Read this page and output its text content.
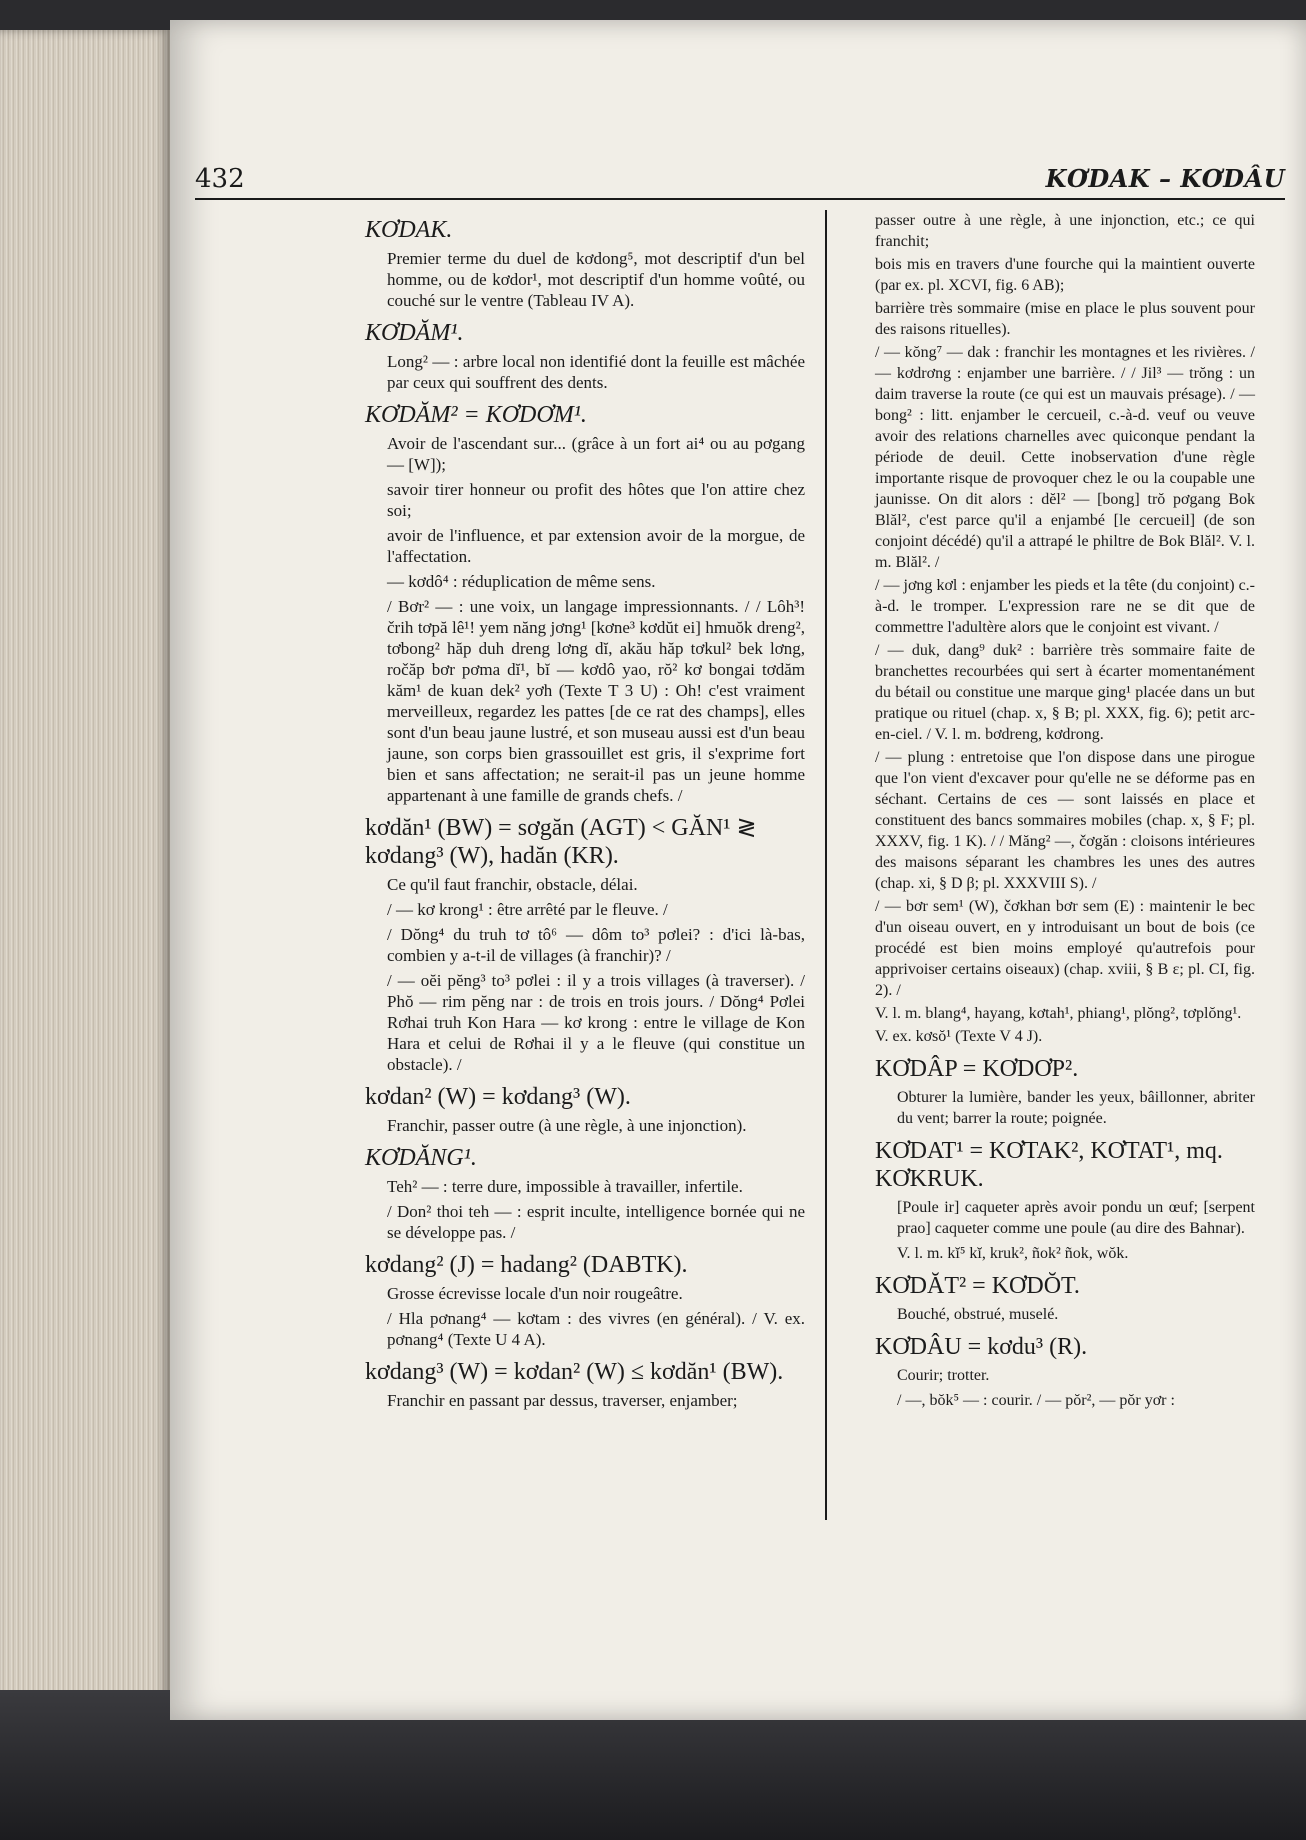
432	KƠDAK – KƠDÂU
KƠDAK.
Premier terme du duel de kơdong⁵, mot descriptif d'un bel homme, ou de kơdor¹, mot descriptif d'un homme voûté, ou couché sur le ventre (Tableau IV A).
KƠDĂM¹.
Long² — : arbre local non identifié dont la feuille est mâchée par ceux qui souffrent des dents.
KƠDĂM² = KƠDƠM¹.
Avoir de l'ascendant sur... (grâce à un fort ai⁴ ou au pơgang — [W]);
savoir tirer honneur ou profit des hôtes que l'on attire chez soi;
avoir de l'influence, et par extension avoir de la morgue, de l'affectation.
— kơdô⁴ : réduplication de même sens.
/ Bơr² — : une voix, un langage impressionnants. / / Lôh³! črih tơpă lê¹! yem năng jơng¹ [kơne³ kơdŭt ei] hmuŏk dreng², tơbong² hăp duh dreng lơng dĭ, akău hăp tơkul² bek lơng, ročăp bơr pơma dĭ¹, bĭ — kơdô yao, rŏ² kơ bongai tơdăm kăm¹ de kuan dek² yơh (Texte T 3 U) : Oh! c'est vraiment merveilleux, regardez les pattes [de ce rat des champs], elles sont d'un beau jaune lustré, et son museau aussi est d'un beau jaune, son corps bien grassouillet est gris, il s'exprime fort bien et sans affectation; ne serait-il pas un jeune homme appartenant à une famille de grands chefs. /
kơdăn¹ (BW) = sơgăn (AGT) < GĂN¹ ≷ kơdang³ (W), hadăn (KR).
Ce qu'il faut franchir, obstacle, délai.
/ — kơ krong¹ : être arrêté par le fleuve. /
/ Dŏng⁴ du truh tơ tô⁶ — dôm to³ pơlei? : d'ici là-bas, combien y a-t-il de villages (à franchir)? /
/ — oĕi pĕng³ to³ pơlei : il y a trois villages (à traverser). / Phŏ — rim pĕng nar : de trois en trois jours. / Dŏng⁴ Pơlei Rơhai truh Kon Hara — kơ krong : entre le village de Kon Hara et celui de Rơhai il y a le fleuve (qui constitue un obstacle). /
kơdan² (W) = kơdang³ (W).
Franchir, passer outre (à une règle, à une injonction).
KƠDĂNG¹.
Teh² — : terre dure, impossible à travailler, infertile.
/ Don² thoi teh — : esprit inculte, intelligence bornée qui ne se développe pas. /
kơdang² (J) = hadang² (DABTK).
Grosse écrevisse locale d'un noir rougeâtre.
/ Hla pơnang⁴ — kơtam : des vivres (en général). / V. ex. pơnang⁴ (Texte U 4 A).
kơdang³ (W) = kơdan² (W) ≤ kơdăn¹ (BW).
Franchir en passant par dessus, traverser, enjamber;
passer outre à une règle, à une injonction, etc.; ce qui franchit;
bois mis en travers d'une fourche qui la maintient ouverte (par ex. pl. XCVI, fig. 6 AB);
barrière très sommaire (mise en place le plus souvent pour des raisons rituelles).
/ — kŏng⁷ — dak : franchir les montagnes et les rivières. / — kơdrơng : enjamber une barrière. / / Jil³ — trŏng : un daim traverse la route (ce qui est un mauvais présage). / — bong² : litt. enjamber le cercueil, c.-à-d. veuf ou veuve avoir des relations charnelles avec quiconque pendant la période de deuil. Cette inobservation d'une règle importante risque de provoquer chez le ou la coupable une jaunisse. On dit alors : dĕl² — [bong] trŏ pơgang Bok Blăl², c'est parce qu'il a enjambé [le cercueil] (de son conjoint décédé) qu'il a attrapé le philtre de Bok Blăl². V. l. m. Blăl². /
/ — jơng kơl : enjamber les pieds et la tête (du conjoint) c.-à-d. le tromper. L'expression rare ne se dit que de commettre l'adultère alors que le conjoint est vivant. /
/ — duk, dang⁹ duk² : barrière très sommaire faite de branchettes recourbées qui sert à écarter momentanément du bétail ou constitue une marque ging¹ placée dans un but pratique ou rituel (chap. x, § B; pl. XXX, fig. 6); petit arc-en-ciel. / V. l. m. bơdreng, kơdrong.
/ — plung : entretoise que l'on dispose dans une pirogue que l'on vient d'excaver pour qu'elle ne se déforme pas en séchant. Certains de ces — sont laissés en place et constituent des bancs sommaires mobiles (chap. x, § F; pl. XXXV, fig. 1 K). / / Măng² —, čơgăn : cloisons intérieures des maisons séparant les chambres les unes des autres (chap. xi, § D β; pl. XXXVIII S). /
/ — bơr sem¹ (W), čơkhan bơr sem (E) : maintenir le bec d'un oiseau ouvert, en y introduisant un bout de bois (ce procédé est bien moins employé qu'autrefois pour apprivoiser certains oiseaux) (chap. xviii, § B ε; pl. CI, fig. 2). /
V. l. m. blang⁴, hayang, kơtah¹, phiang¹, plŏng², tơplŏng¹.
V. ex. kơsŏ¹ (Texte V 4 J).
KƠDÂP = KƠDƠP².
Obturer la lumière, bander les yeux, bâillonner, abriter du vent; barrer la route; poignée.
KƠDAT¹ = KƠTAK², KƠTAT¹, mq. KƠKRUK.
[Poule ir] caqueter après avoir pondu un œuf; [serpent prao] caqueter comme une poule (au dire des Bahnar).
V. l. m. kĭ⁵ kĭ, kruk², ñok² ñok, wŏk.
KƠDĂT² = KƠDŎT.
Bouché, obstrué, muselé.
KƠDÂU = kơdu³ (R).
Courir; trotter.
/ —, bŏk⁵ — : courir. / — pŏr², — pŏr yơr :
